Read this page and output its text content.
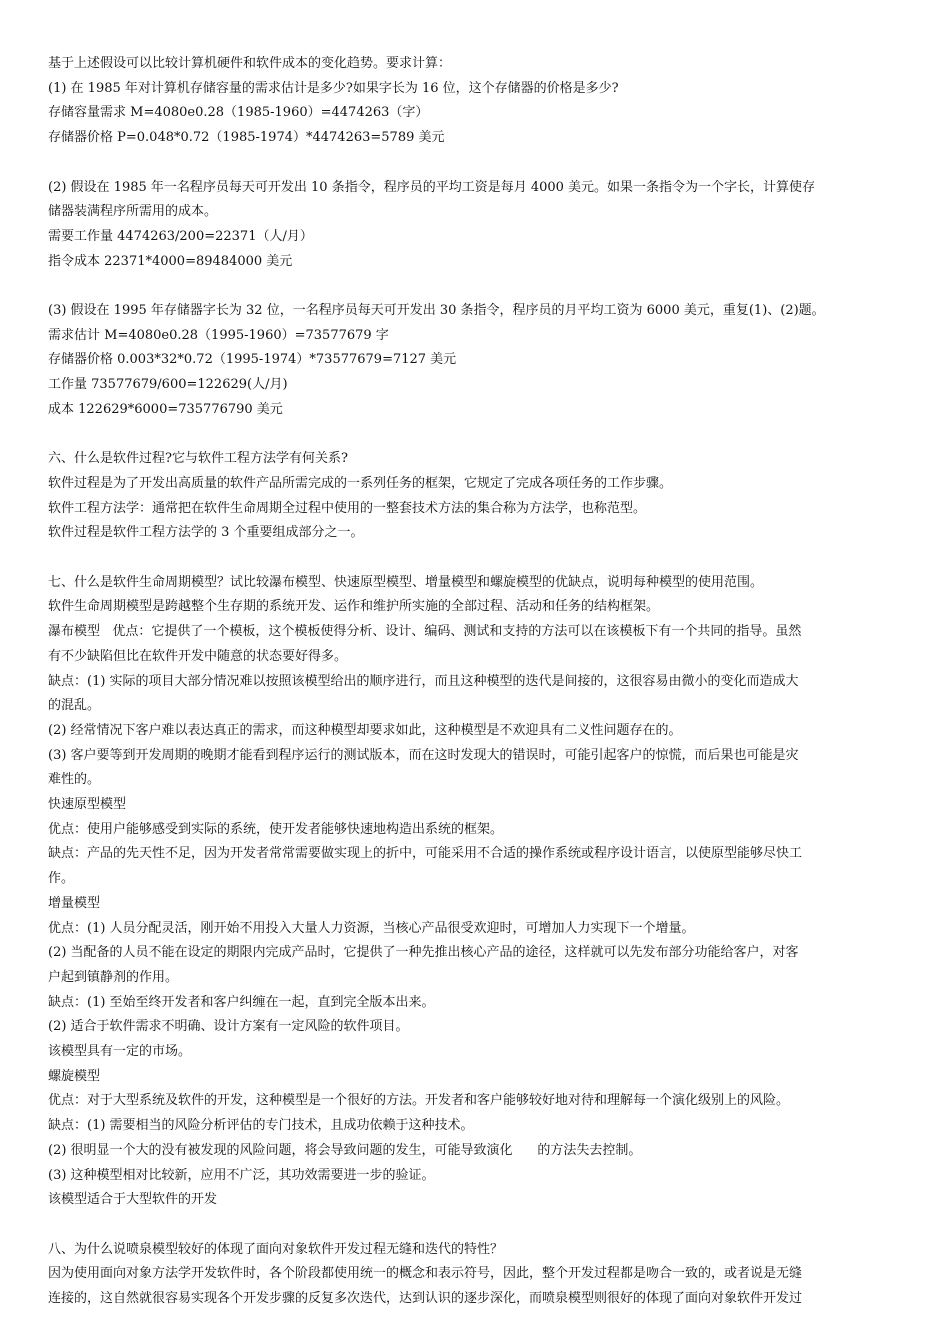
基于上述假设可以比较计算机硬件和软件成本的变化趋势。要求计算：

(1) 在 1985 年对计算机存储容量的需求估计是多少?如果字长为 16 位，这个存储器的价格是多少?

存储容量需求 M=4080e0.28（1985-1960）=4474263（字）

存储器价格 P=0.048*0.72（1985-1974）*4474263=5789 美元

(2) 假设在 1985 年一名程序员每天可开发出 10 条指令，程序员的平均工资是每月 4000 美元。如果一条指令为一个字长，计算使存

储器装满程序所需用的成本。

需要工作量 4474263/200=22371（人/月）

指令成本 22371*4000=89484000 美元

(3) 假设在 1995 年存储器字长为 32 位，一名程序员每天可开发出 30 条指令，程序员的月平均工资为 6000 美元，重复(1)、(2)题。

需求估计 M=4080e0.28（1995-1960）=73577679 字

存储器价格 0.003*32*0.72（1995-1974）*73577679=7127 美元

工作量 73577679/600=122629(人/月)

成本 122629*6000=735776790 美元

六、什么是软件过程?它与软件工程方法学有何关系?

软件过程是为了开发出高质量的软件产品所需完成的一系列任务的框架，它规定了完成各项任务的工作步骤。

软件工程方法学：通常把在软件生命周期全过程中使用的一整套技术方法的集合称为方法学，也称范型。

软件过程是软件工程方法学的 3 个重要组成部分之一。

七、什么是软件生命周期模型？试比较瀑布模型、快速原型模型、增量模型和螺旋模型的优缺点，说明每种模型的使用范围。

软件生命周期模型是跨越整个生存期的系统开发、运作和维护所实施的全部过程、活动和任务的结构框架。

瀑布模型   优点：它提供了一个模板，这个模板使得分析、设计、编码、测试和支持的方法可以在该模板下有一个共同的指导。虽然

有不少缺陷但比在软件开发中随意的状态要好得多。

缺点：(1) 实际的项目大部分情况难以按照该模型给出的顺序进行，而且这种模型的迭代是间接的，这很容易由微小的变化而造成大

的混乱。

(2) 经常情况下客户难以表达真正的需求，而这种模型却要求如此，这种模型是不欢迎具有二义性问题存在的。

(3) 客户要等到开发周期的晚期才能看到程序运行的测试版本，而在这时发现大的错误时，可能引起客户的惊慌，而后果也可能是灾

难性的。

快速原型模型

优点：使用户能够感受到实际的系统，使开发者能够快速地构造出系统的框架。

缺点：产品的先天性不足，因为开发者常常需要做实现上的折中，可能采用不合适的操作系统或程序设计语言，以使原型能够尽快工

作。

增量模型

优点：(1) 人员分配灵活，刚开始不用投入大量人力资源，当核心产品很受欢迎时，可增加人力实现下一个增量。

(2) 当配备的人员不能在设定的期限内完成产品时，它提供了一种先推出核心产品的途径，这样就可以先发布部分功能给客户，对客

户起到镇静剂的作用。

缺点：(1) 至始至终开发者和客户纠缠在一起，直到完全版本出来。

(2) 适合于软件需求不明确、设计方案有一定风险的软件项目。

该模型具有一定的市场。

螺旋模型

优点：对于大型系统及软件的开发，这种模型是一个很好的方法。开发者和客户能够较好地对待和理解每一个演化级别上的风险。

缺点：(1) 需要相当的风险分析评估的专门技术，且成功依赖于这种技术。

(2) 很明显一个大的没有被发现的风险问题，将会导致问题的发生，可能导致演化      的方法失去控制。

(3) 这种模型相对比较新，应用不广泛，其功效需要进一步的验证。

该模型适合于大型软件的开发

八、为什么说喷泉模型较好的体现了面向对象软件开发过程无缝和迭代的特性？

因为使用面向对象方法学开发软件时，各个阶段都使用统一的概念和表示符号，因此，整个开发过程都是吻合一致的，或者说是无缝

连接的，这自然就很容易实现各个开发步骤的反复多次迭代，达到认识的逐步深化，而喷泉模型则很好的体现了面向对象软件开发过
